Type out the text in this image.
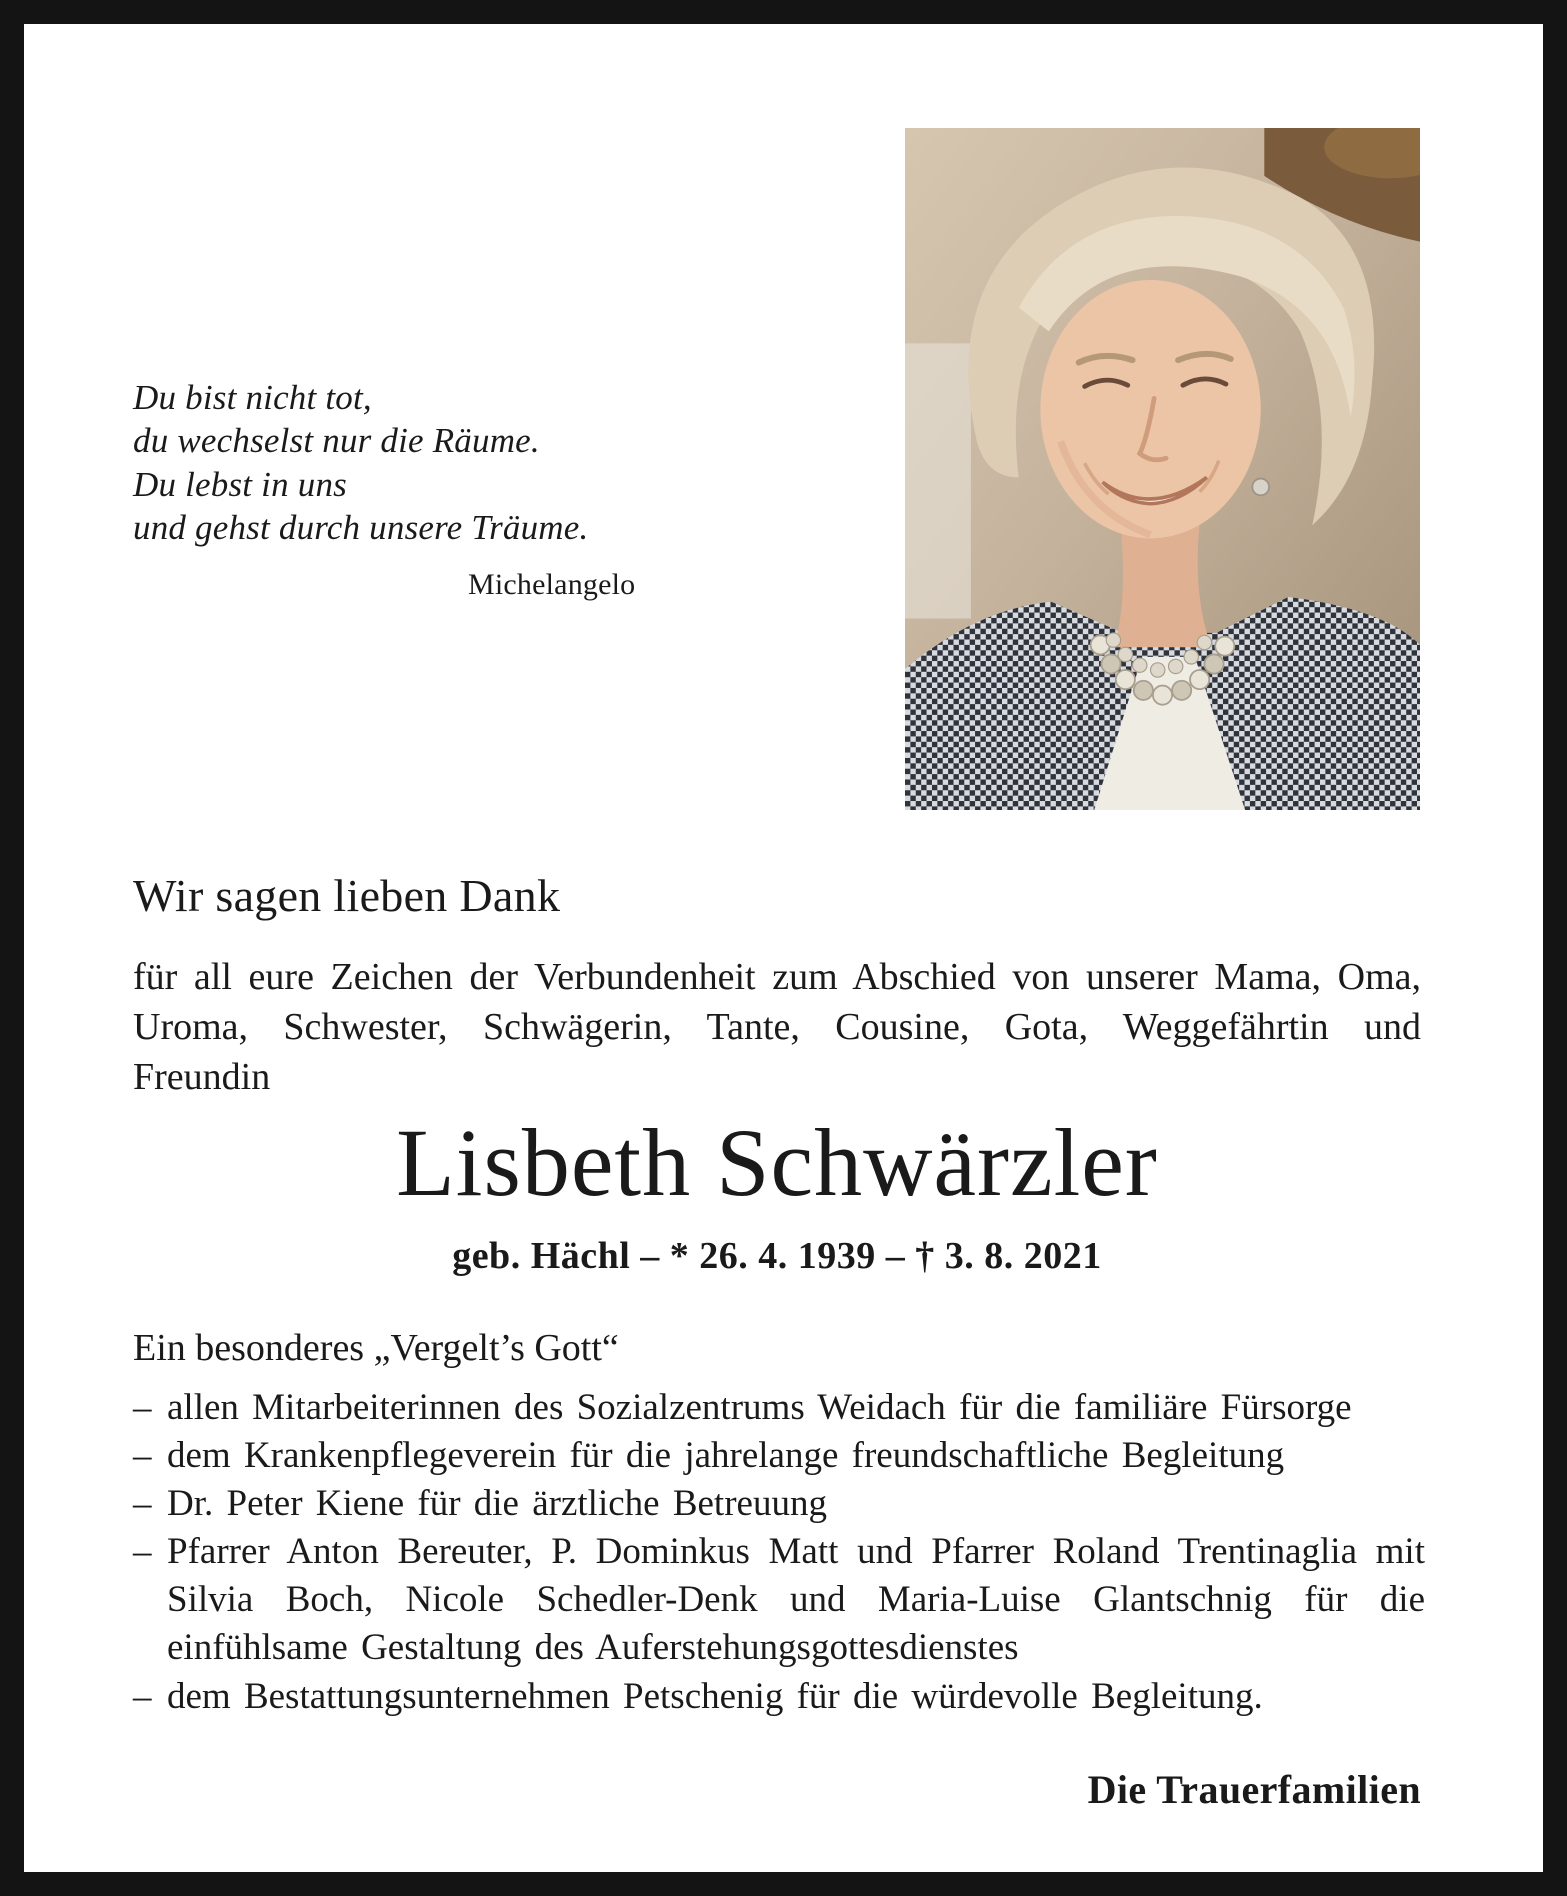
Du bist nicht tot,
du wechselst nur die Räume.
Du lebst in uns
und gehst durch unsere Träume.
Michelangelo
Wir sagen lieben Dank

für all eure Zeichen der Verbundenheit zum Abschied von unserer Mama, Oma, Uroma, Schwester, Schwägerin, Tante, Cousine, Gota, Weggefährtin und Freundin

Lisbeth Schwärzler
geb. Hächl – * 26. 4. 1939 – † 3. 8. 2021
Ein besonderes „Vergelt’s Gott“
– allen Mitarbeiterinnen des Sozialzentrums Weidach für die familiäre Fürsorge
– dem Krankenpflegeverein für die jahrelange freundschaftliche Begleitung
– Dr. Peter Kiene für die ärztliche Betreuung
– Pfarrer Anton Bereuter, P. Dominkus Matt und Pfarrer Roland Trentinaglia mit Silvia Boch, Nicole Schedler-Denk und Maria-Luise Glantschnig für die einfühlsame Gestaltung des Auferstehungsgottesdienstes
– dem Bestattungsunternehmen Petschenig für die würdevolle Begleitung.
Die Trauerfamilien
